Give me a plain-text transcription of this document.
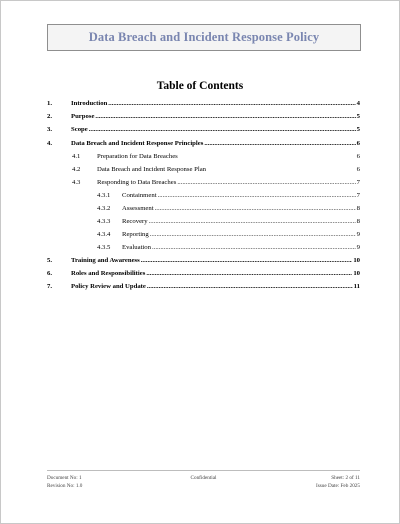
Data Breach and Incident Response Policy
Table of Contents
1.	Introduction .....	4
2.	Purpose .....	5
3.	Scope .....	5
4.	Data Breach and Incident Response Principles .....	6
4.1	Preparation for Data Breaches	6
4.2	Data Breach and Incident Response Plan	6
4.3	Responding to Data Breaches .....	7
4.3.1	Containment .....	7
4.3.2	Assessment .....	8
4.3.3	Recovery .....	8
4.3.4	Reporting .....	9
4.3.5	Evaluation .....	9
5.	Training and Awareness .....	10
6.	Roles and Responsibilities .....	10
7.	Policy Review and Update .....	11
Document No: 1
Revision No: 1.0
Confidential	Sheet: 2 of 11
Issue Date: Feb 2025
